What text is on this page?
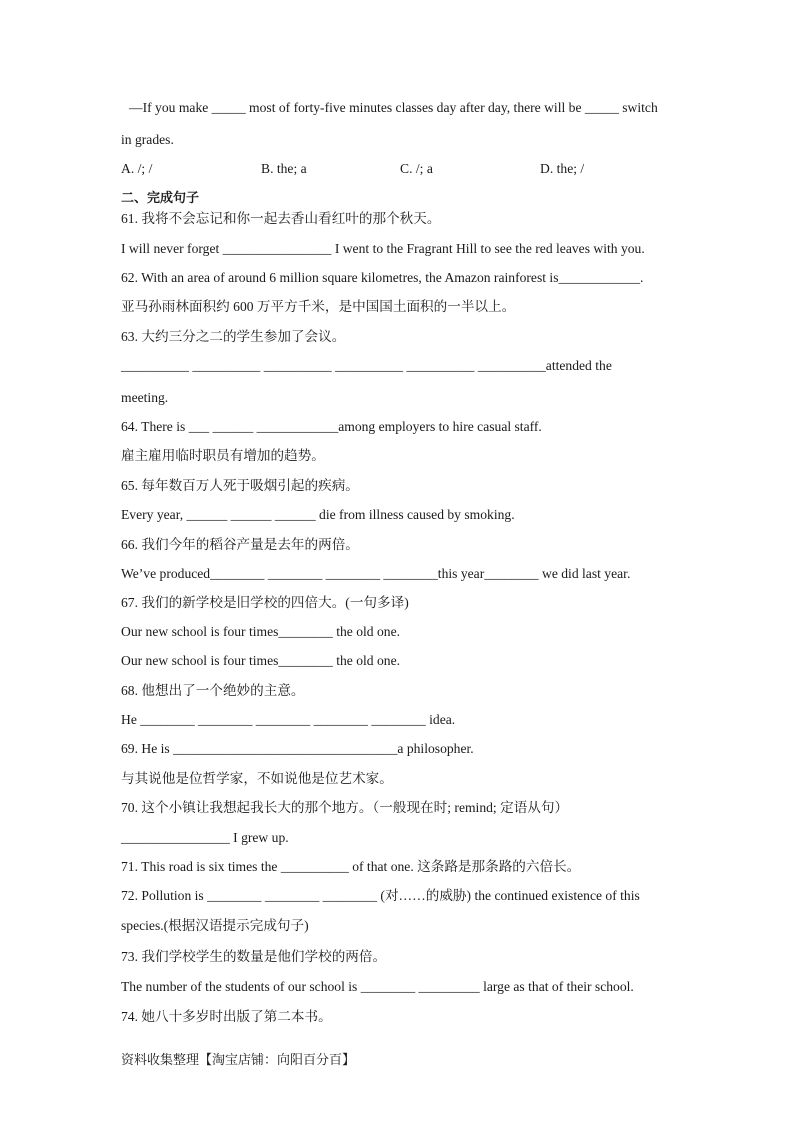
—If you make _____ most of forty-five minutes classes day after day, there will be _____ switch

in grades.

A. /; /	B. the; a	C. /; a	D. the; /

二、完成句子

61. 我将不会忘记和你一起去香山看红叶的那个秋天。

I will never forget ________________ I went to the Fragrant Hill to see the red leaves with you.

62. With an area of around 6 million square kilometres, the Amazon rainforest is____________.

亚马孙雨林面积约 600 万平方千米，是中国国土面积的一半以上。

63. 大约三分之二的学生参加了会议。

__________ __________ __________ __________ __________ __________attended the

meeting.

64. There is ___ ______ ____________among employers to hire casual staff.

雇主雇用临时职员有增加的趋势。

65. 每年数百万人死于吸烟引起的疾病。

Every year, ______ ______ ______ die from illness caused by smoking.

66. 我们今年的稻谷产量是去年的两倍。

We’ve produced________ ________ ________ ________this year________ we did last year.

67. 我们的新学校是旧学校的四倍大。(一句多译)

Our new school is four times________ the old one.

Our new school is four times________ the old one.

68. 他想出了一个绝妙的主意。

He ________ ________ ________ ________ ________ idea.

69. He is _________________________________a philosopher.

与其说他是位哲学家，不如说他是位艺术家。

70. 这个小镇让我想起我长大的那个地方。（一般现在时; remind; 定语从句）

________________ I grew up.

71. This road is six times the __________ of that one. 这条路是那条路的六倍长。

72. Pollution is ________ ________ ________ (对……的威胁) the continued existence of this

species.(根据汉语提示完成句子)

73. 我们学校学生的数量是他们学校的两倍。

The number of the students of our school is ________ _________ large as that of their school.

74. 她八十多岁时出版了第二本书。

资料收集整理【淘宝店铺：向阳百分百】
